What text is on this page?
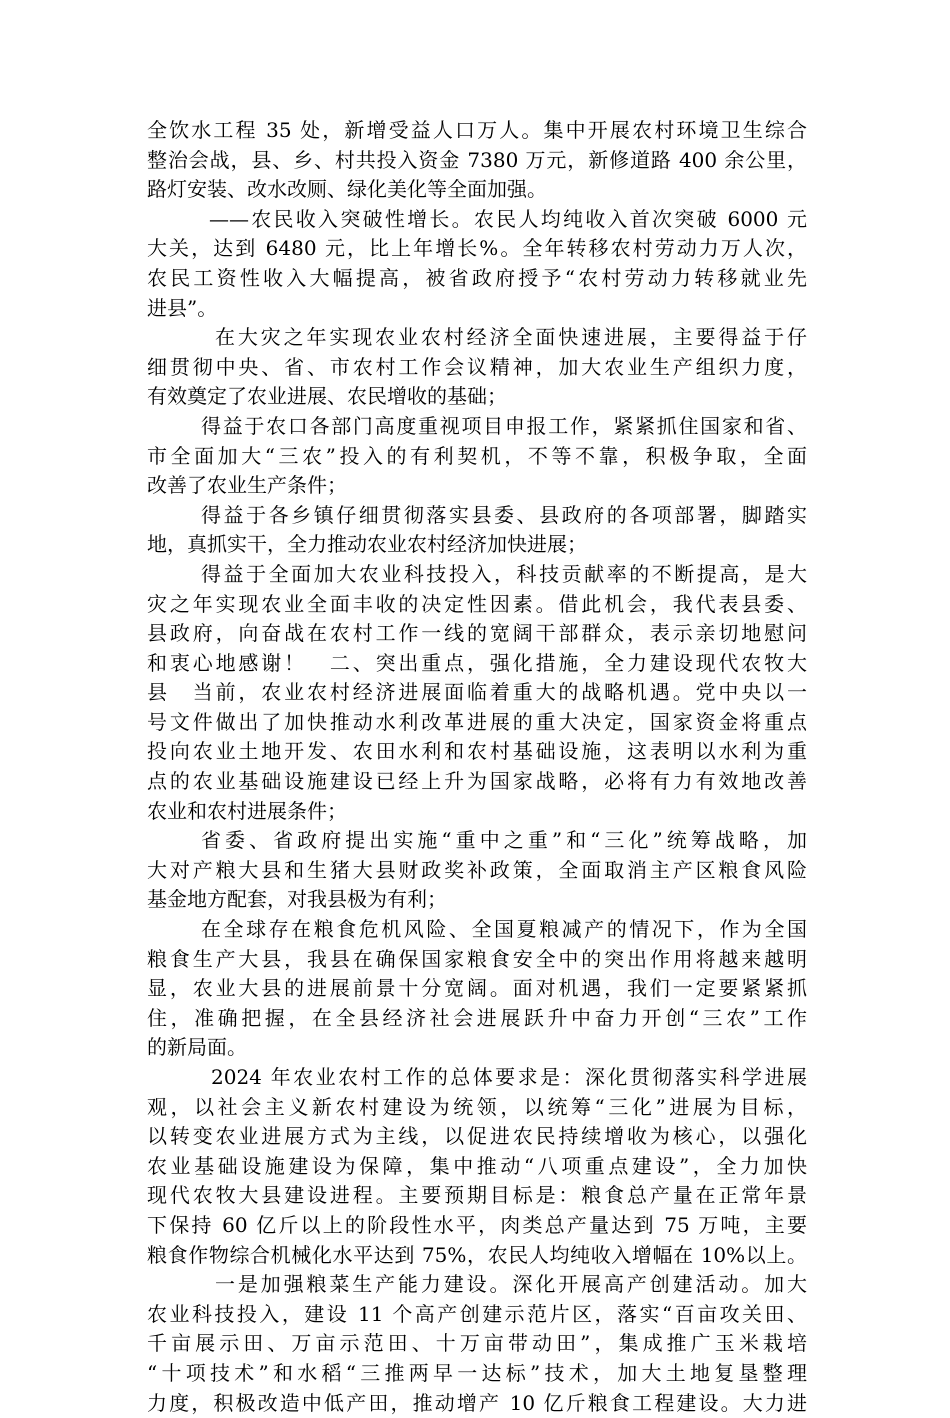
全饮水工程 35 处，新增受益人口万人。集中开展农村环境卫生综合
整治会战，县、乡、村共投入资金 7380 万元，新修道路 400 余公里，
路灯安装、改水改厕、绿化美化等全面加强。
——农民收入突破性增长。农民人均纯收入首次突破 6000 元
大关，达到 6480 元，比上年增长%。全年转移农村劳动力万人次，
农民工资性收入大幅提高，被省政府授予“农村劳动力转移就业先
进县”。
在大灾之年实现农业农村经济全面快速进展，主要得益于仔
细贯彻中央、省、市农村工作会议精神，加大农业生产组织力度，
有效奠定了农业进展、农民增收的基础；
得益于农口各部门高度重视项目申报工作，紧紧抓住国家和省、
市全面加大“三农”投入的有利契机，不等不靠，积极争取，全面
改善了农业生产条件；
得益于各乡镇仔细贯彻落实县委、县政府的各项部署，脚踏实
地，真抓实干，全力推动农业农村经济加快进展；
得益于全面加大农业科技投入，科技贡献率的不断提高，是大
灾之年实现农业全面丰收的决定性因素。借此机会，我代表县委、
县政府，向奋战在农村工作一线的宽阔干部群众，表示亲切地慰问
和衷心地感谢！　二、突出重点，强化措施，全力建设现代农牧大
县　当前，农业农村经济进展面临着重大的战略机遇。党中央以一
号文件做出了加快推动水利改革进展的重大决定，国家资金将重点
投向农业土地开发、农田水利和农村基础设施，这表明以水利为重
点的农业基础设施建设已经上升为国家战略，必将有力有效地改善
农业和农村进展条件；
省委、省政府提出实施“重中之重”和“三化”统筹战略，加
大对产粮大县和生猪大县财政奖补政策，全面取消主产区粮食风险
基金地方配套，对我县极为有利；
在全球存在粮食危机风险、全国夏粮减产的情况下，作为全国
粮食生产大县，我县在确保国家粮食安全中的突出作用将越来越明
显，农业大县的进展前景十分宽阔。面对机遇，我们一定要紧紧抓
住，准确把握，在全县经济社会进展跃升中奋力开创“三农”工作
的新局面。
2024 年农业农村工作的总体要求是：深化贯彻落实科学进展
观，以社会主义新农村建设为统领，以统筹“三化”进展为目标，
以转变农业进展方式为主线，以促进农民持续增收为核心，以强化
农业基础设施建设为保障，集中推动“八项重点建设”，全力加快
现代农牧大县建设进程。主要预期目标是：粮食总产量在正常年景
下保持 60 亿斤以上的阶段性水平，肉类总产量达到 75 万吨，主要
粮食作物综合机械化水平达到 75%，农民人均纯收入增幅在 10%以上。
一是加强粮菜生产能力建设。深化开展高产创建活动。加大
农业科技投入，建设 11 个高产创建示范片区，落实“百亩攻关田、
千亩展示田、万亩示范田、十万亩带动田”，集成推广玉米栽培
“十项技术”和水稻“三推两早一达标”技术，加大土地复垦整理
力度，积极改造中低产田，推动增产 10 亿斤粮食工程建设。大力进
